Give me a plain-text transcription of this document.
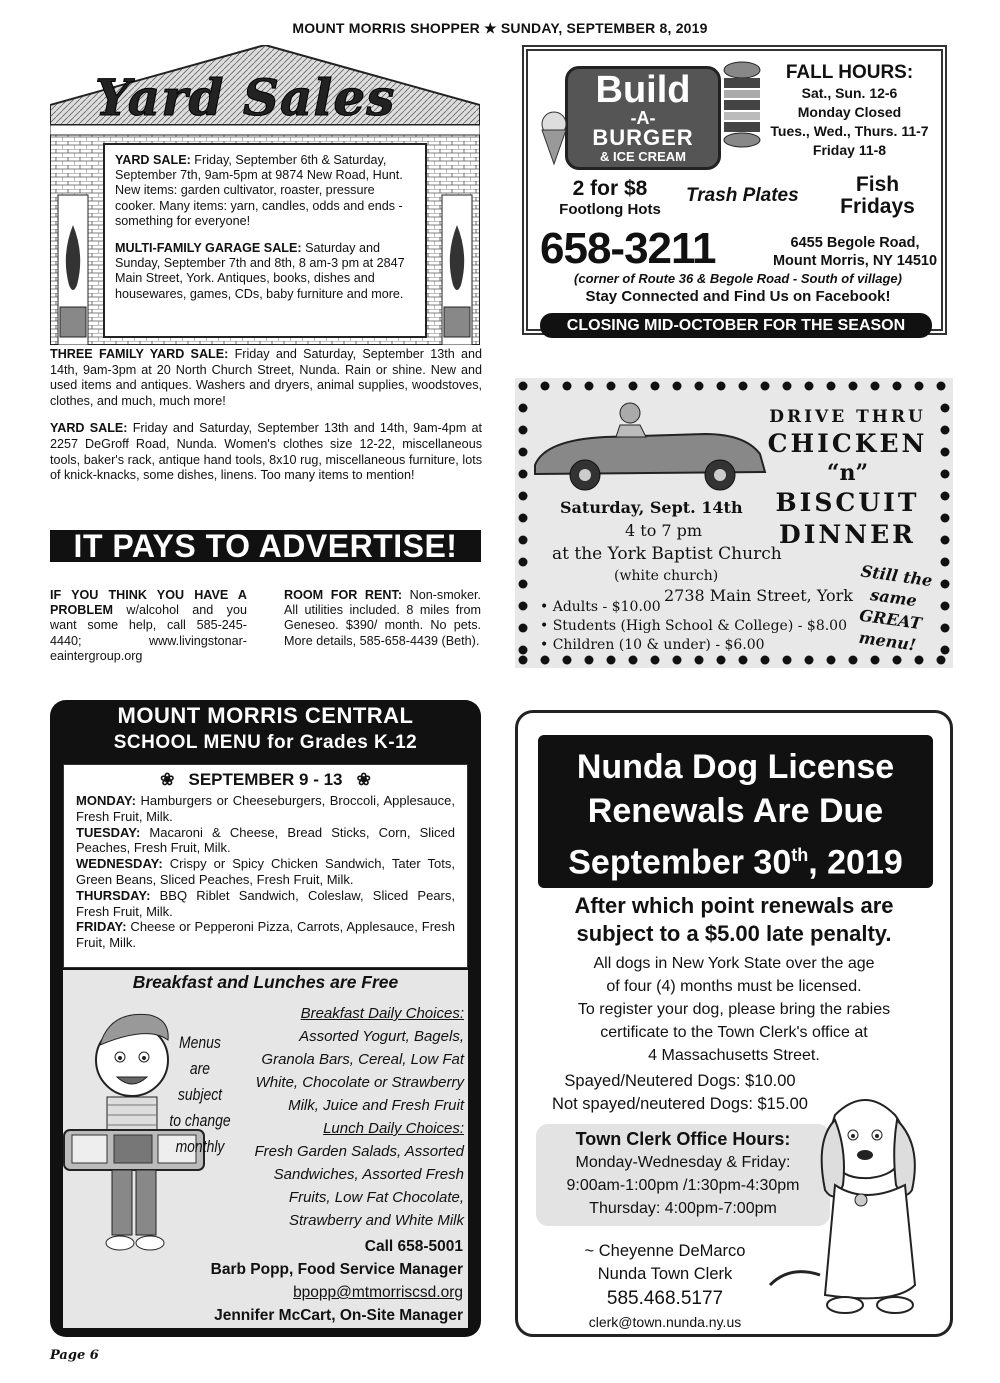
MOUNT MORRIS SHOPPER ★ SUNDAY, SEPTEMBER 8, 2019
Yard Sales

YARD SALE: Friday, September 6th & Saturday, September 7th, 9am-5pm at 9874 New Road, Hunt. New items: garden cultivator, roaster, pressure cooker. Many items: yarn, candles, odds and ends - something for everyone!

MULTI-FAMILY GARAGE SALE: Saturday and Sunday, September 7th and 8th, 8 am-3 pm at 2847 Main Street, York. Antiques, books, dishes and housewares, games, CDs, baby furniture and more.

THREE FAMILY YARD SALE: Friday and Saturday, September 13th and 14th, 9am-3pm at 20 North Church Street, Nunda. Rain or shine. New and used items and antiques. Washers and dryers, animal supplies, woodstoves, clothes, and much, much more!

YARD SALE: Friday and Saturday, September 13th and 14th, 9am-4pm at 2257 DeGroff Road, Nunda. Women's clothes size 12-22, miscellaneous tools, baker's rack, antique hand tools, 8x10 rug, miscellaneous furniture, lots of knick-knacks, some dishes, linens. Too many items to mention!

IT PAYS TO ADVERTISE!
IF YOU THINK YOU HAVE A PROBLEM w/alcohol and you want some help, call 585-245-4440; www.livingstonar-eaintergroup.org
ROOM FOR RENT: Non-smoker. All utilities included. 8 miles from Geneseo. $390/ month. No pets. More details, 585-658-4439 (Beth).
Build
-A-
BURGER
& ICE CREAM
FALL HOURS:
Sat., Sun. 12-6
Monday Closed
Tues., Wed., Thurs. 11-7
Friday 11-8
2 for $8
Footlong Hots
Trash Plates	Fish
Fridays
658-3211	6455 Begole Road,
Mount Morris, NY 14510
(corner of Route 36 & Begole Road - South of village)
Stay Connected and Find Us on Facebook!
CLOSING MID-OCTOBER FOR THE SEASON
DRIVE THRU
CHICKEN
“n”
BISCUIT
DINNER
Saturday, Sept. 14th
4 to 7 pm
at the York Baptist Church
(white church)
2738 Main Street, York
• Adults - $10.00
• Students (High School & College) - $8.00
• Children (10 & under) - $6.00
Still the
same
GREAT
menu!
MOUNT MORRIS CENTRAL
SCHOOL MENU for Grades K-12
❀ SEPTEMBER 9 - 13 ❀
MONDAY: Hamburgers or Cheeseburgers, Broccoli, Applesauce, Fresh Fruit, Milk.
TUESDAY: Macaroni & Cheese, Bread Sticks, Corn, Sliced Peaches, Fresh Fruit, Milk.
WEDNESDAY: Crispy or Spicy Chicken Sandwich, Tater Tots, Green Beans, Sliced Peaches, Fresh Fruit, Milk.
THURSDAY: BBQ Riblet Sandwich, Coleslaw, Sliced Pears, Fresh Fruit, Milk.
FRIDAY: Cheese or Pepperoni Pizza, Carrots, Applesauce, Fresh Fruit, Milk.
Breakfast and Lunches are Free
Menus are
subject
to change
monthly
Breakfast Daily Choices:
Assorted Yogurt, Bagels,
Granola Bars, Cereal, Low Fat
White, Chocolate or Strawberry
Milk, Juice and Fresh Fruit
Lunch Daily Choices:
Fresh Garden Salads, Assorted
Sandwiches, Assorted Fresh
Fruits, Low Fat Chocolate,
Strawberry and White Milk
Call 658-5001
Barb Popp, Food Service Manager
bpopp@mtmorriscsd.org
Jennifer McCart, On-Site Manager
Nunda Dog License
Renewals Are Due
September 30th, 2019
After which point renewals are
subject to a $5.00 late penalty.
All dogs in New York State over the age
of four (4) months must be licensed.
To register your dog, please bring the rabies
certificate to the Town Clerk's office at
4 Massachusetts Street.
Spayed/Neutered Dogs: $10.00
Not spayed/neutered Dogs: $15.00
Town Clerk Office Hours:
Monday-Wednesday & Friday:
9:00am-1:00pm /1:30pm-4:30pm
Thursday: 4:00pm-7:00pm
~ Cheyenne DeMarco
Nunda Town Clerk
585.468.5177
clerk@town.nunda.ny.us
Page 6
